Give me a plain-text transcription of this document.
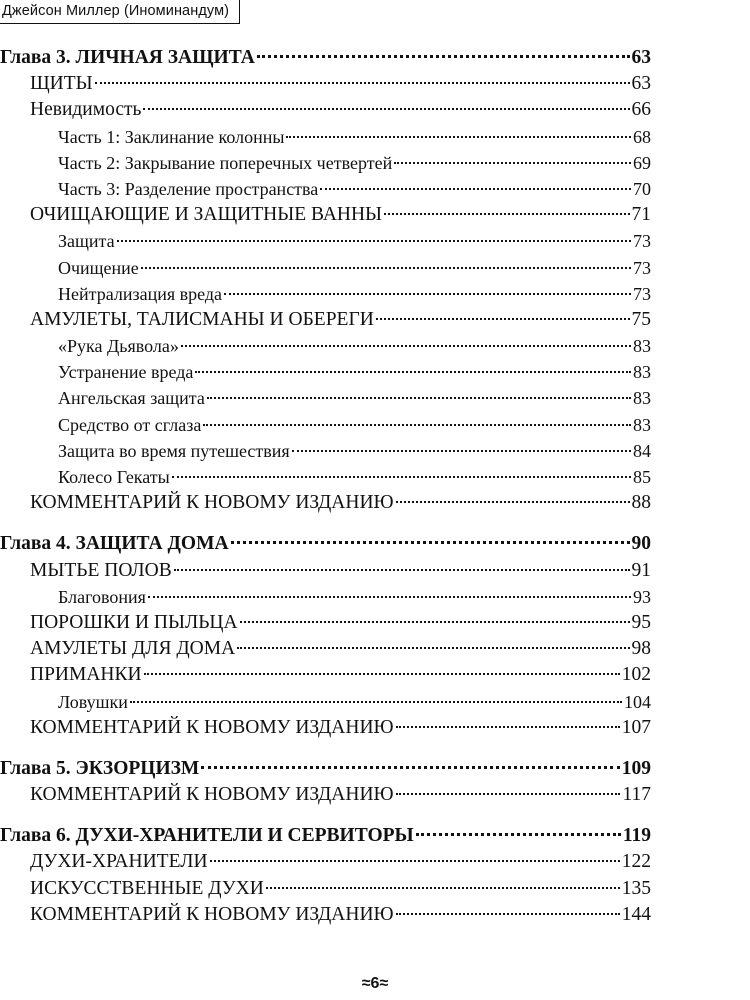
Джейсон Миллер (Иноминандум)
Глава 3. ЛИЧНАЯ ЗАЩИТА	63
ЩИТЫ	63
Невидимость	66
Часть 1: Заклинание колонны	68
Часть 2: Закрывание поперечных четвертей	69
Часть 3: Разделение пространства	70
ОЧИЩАЮЩИЕ И ЗАЩИТНЫЕ ВАННЫ	71
Защита	73
Очищение	73
Нейтрализация вреда	73
АМУЛЕТЫ, ТАЛИСМАНЫ И ОБЕРЕГИ	75
«Рука Дьявола»	83
Устранение вреда	83
Ангельская защита	83
Средство от сглаза	83
Защита во время путешествия	84
Колесо Гекаты	85
КОММЕНТАРИЙ К НОВОМУ ИЗДАНИЮ	88
Глава 4. ЗАЩИТА ДОМА	90
МЫТЬЕ ПОЛОВ	91
Благовония	93
ПОРОШКИ И ПЫЛЬЦА	95
АМУЛЕТЫ ДЛЯ ДОМА	98
ПРИМАНКИ	102
Ловушки	104
КОММЕНТАРИЙ К НОВОМУ ИЗДАНИЮ	107
Глава 5. ЭКЗОРЦИЗМ	109
КОММЕНТАРИЙ К НОВОМУ ИЗДАНИЮ	117
Глава 6. ДУХИ-ХРАНИТЕЛИ И СЕРВИТОРЫ	119
ДУХИ-ХРАНИТЕЛИ	122
ИСКУССТВЕННЫЕ ДУХИ	135
КОММЕНТАРИЙ К НОВОМУ ИЗДАНИЮ	144
≈6≈
